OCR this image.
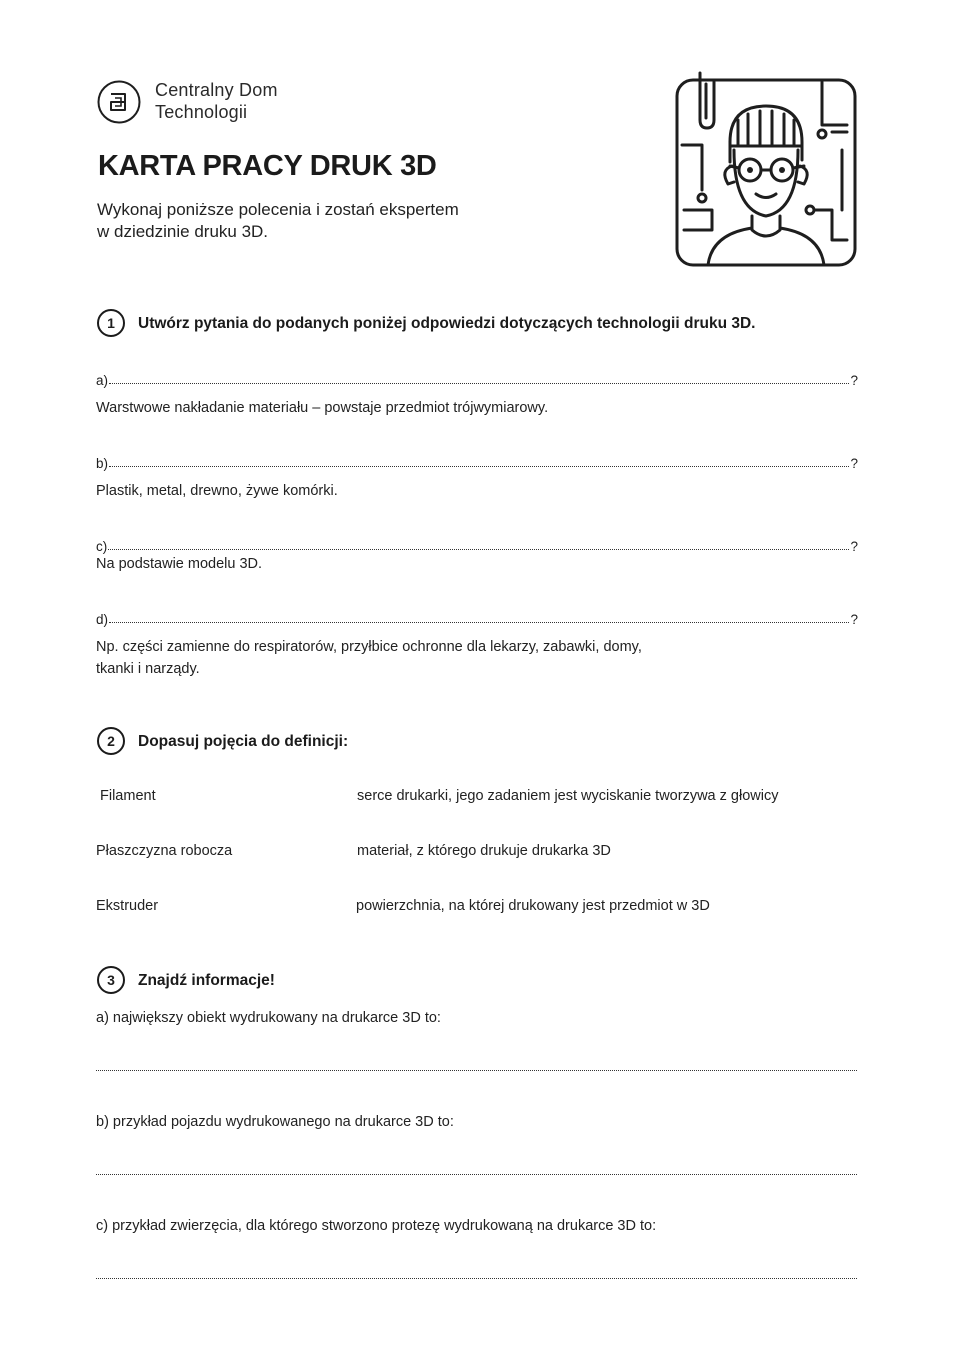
Centralny Dom
Technologii
KARTA PRACY DRUK 3D
Wykonaj poniższe polecenia i zostań ekspertem
w dziedzinie druku 3D.
1	Utwórz pytania do podanych poniżej odpowiedzi dotyczących technologii druku 3D.
a)	?
Warstwowe nakładanie materiału – powstaje przedmiot trójwymiarowy.
b)	?
Plastik, metal, drewno, żywe komórki.
c)	?
Na podstawie modelu 3D.
d)	?
Np. części zamienne do respiratorów, przyłbice ochronne dla lekarzy, zabawki, domy,
tkanki i narządy.
2	Dopasuj pojęcia do definicji:
Filament	serce drukarki, jego zadaniem jest wyciskanie tworzywa z głowicy
Płaszczyzna robocza	materiał, z którego drukuje drukarka 3D
Ekstruder	powierzchnia, na której drukowany jest przedmiot w 3D
3	Znajdź informacje!
a) największy obiekt wydrukowany na drukarce 3D to:
b) przykład pojazdu wydrukowanego na drukarce 3D to:
c) przykład zwierzęcia, dla którego stworzono protezę wydrukowaną na drukarce 3D to:
